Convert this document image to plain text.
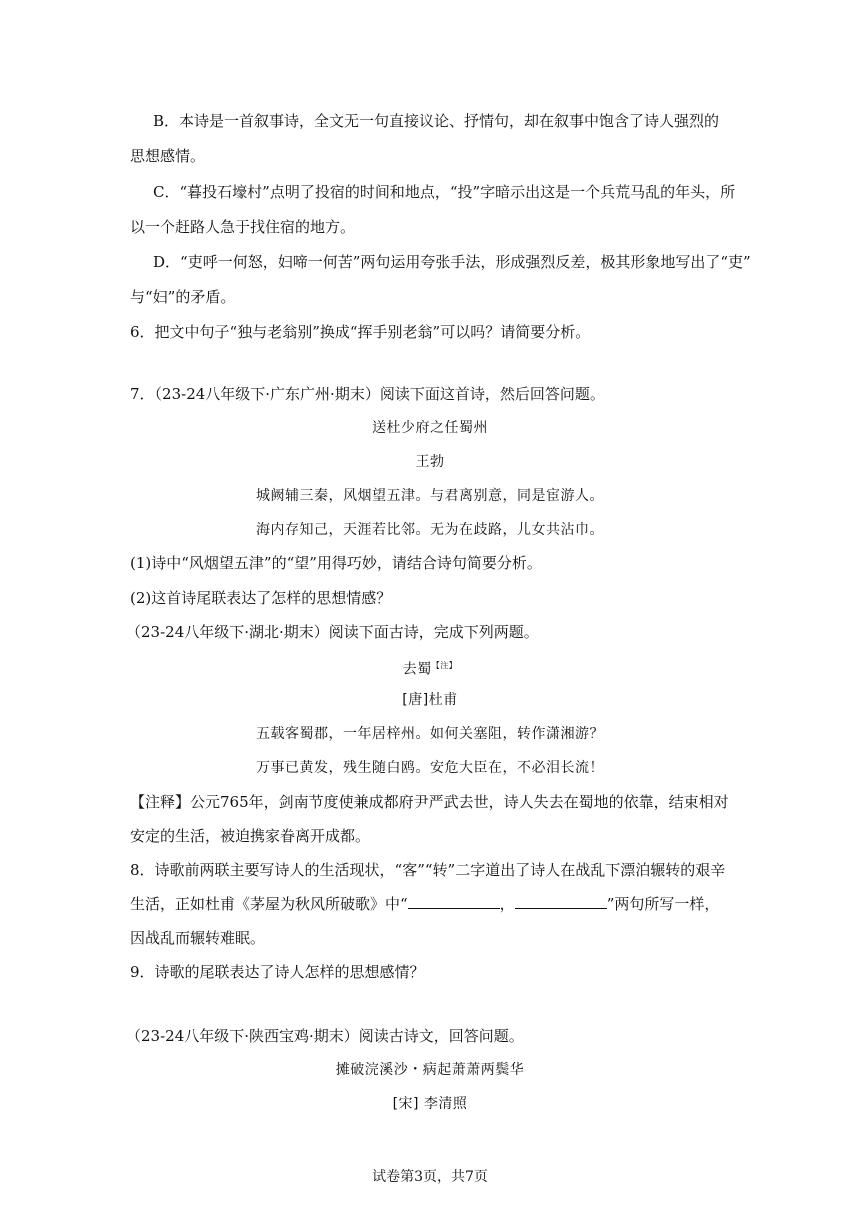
B．本诗是一首叙事诗，全文无一句直接议论、抒情句，却在叙事中饱含了诗人强烈的
思想感情。
C．“暮投石壕村”点明了投宿的时间和地点，“投”字暗示出这是一个兵荒马乱的年头，所
以一个赶路人急于找住宿的地方。
D．“吏呼一何怒，妇啼一何苦”两句运用夸张手法，形成强烈反差，极其形象地写出了“吏”
与“妇”的矛盾。
6．把文中句子“独与老翁别”换成“挥手别老翁”可以吗？请简要分析。
7．（23-24八年级下·广东广州·期末）阅读下面这首诗，然后回答问题。
送杜少府之任蜀州
王勃
城阙辅三秦，风烟望五津。与君离别意，同是宦游人。
海内存知己，天涯若比邻。无为在歧路，儿女共沾巾。
(1)诗中“风烟望五津”的“望”用得巧妙，请结合诗句简要分析。
(2)这首诗尾联表达了怎样的思想情感？
（23-24八年级下·湖北·期末）阅读下面古诗，完成下列两题。
去蜀$^{【注】}$
[唐]杜甫
五载客蜀郡，一年居梓州。如何关塞阻，转作潇湘游？
万事已黄发，残生随白鸥。安危大臣在，不必泪长流！
【注释】公元765年，剑南节度使兼成都府尹严武去世，诗人失去在蜀地的依靠，结束相对
安定的生活，被迫携家眷离开成都。
8．诗歌前两联主要写诗人的生活现状，“客”“转”二字道出了诗人在战乱下漂泊辗转的艰辛
生活，正如杜甫《茅屋为秋风所破歌》中“	，	”两句所写一样，
因战乱而辗转难眠。
9．诗歌的尾联表达了诗人怎样的思想感情？
（23-24八年级下·陕西宝鸡·期末）阅读古诗文，回答问题。
摊破浣溪沙・病起萧萧两鬓华
[宋] 李清照
试卷第3页，共7页
